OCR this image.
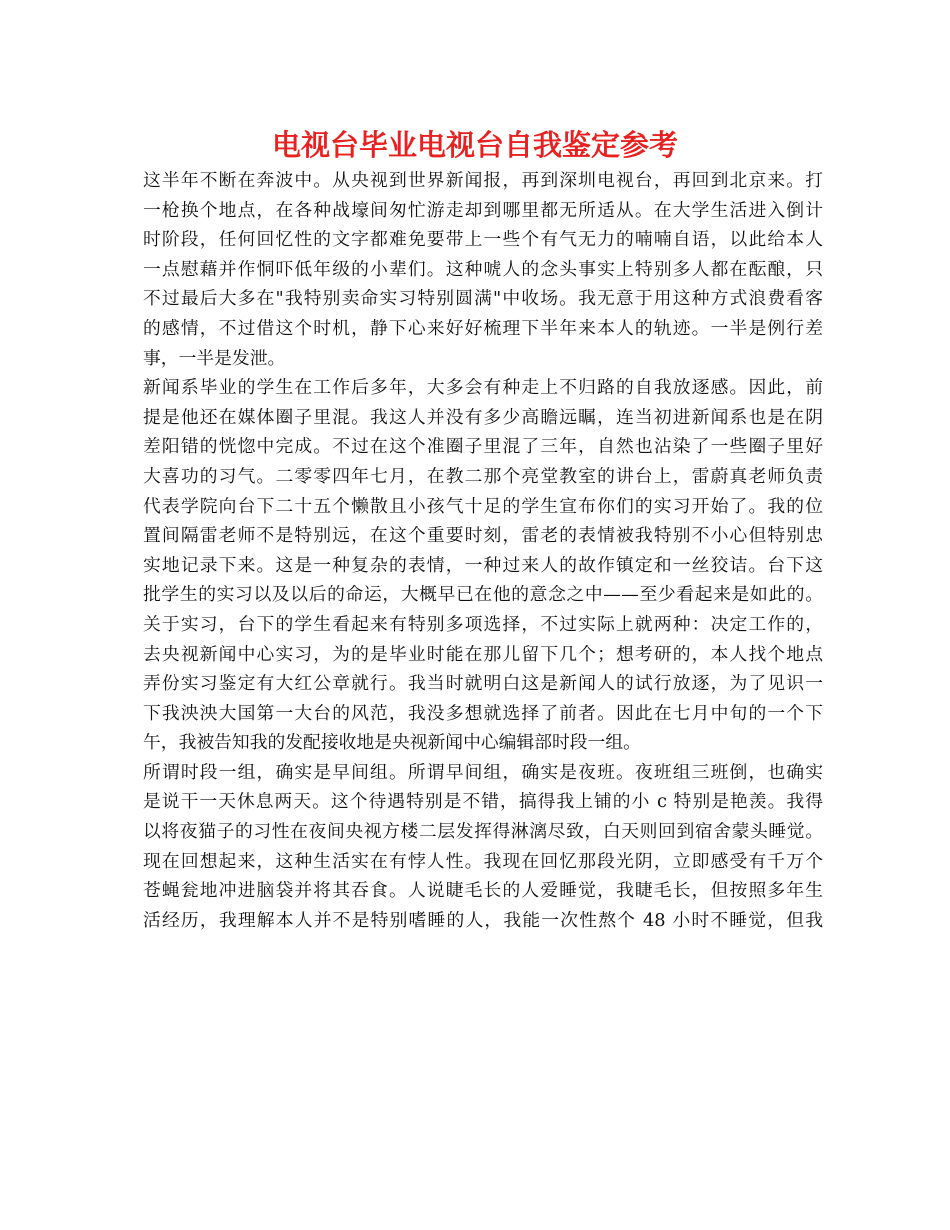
电视台毕业电视台自我鉴定参考
这半年不断在奔波中。从央视到世界新闻报，再到深圳电视台，再回到北京来。打
一枪换个地点，在各种战壕间匆忙游走却到哪里都无所适从。在大学生活进入倒计
时阶段，任何回忆性的文字都难免要带上一些个有气无力的喃喃自语，以此给本人
一点慰藉并作恫吓低年级的小辈们。这种唬人的念头事实上特别多人都在酝酿，只
不过最后大多在"我特别卖命实习特别圆满"中收场。我无意于用这种方式浪费看客
的感情，不过借这个时机，静下心来好好梳理下半年来本人的轨迹。一半是例行差
事，一半是发泄。
新闻系毕业的学生在工作后多年，大多会有种走上不归路的自我放逐感。因此，前
提是他还在媒体圈子里混。我这人并没有多少高瞻远瞩，连当初进新闻系也是在阴
差阳错的恍惚中完成。不过在这个准圈子里混了三年，自然也沾染了一些圈子里好
大喜功的习气。二零零四年七月，在教二那个亮堂教室的讲台上，雷蔚真老师负责
代表学院向台下二十五个懒散且小孩气十足的学生宣布你们的实习开始了。我的位
置间隔雷老师不是特别远，在这个重要时刻，雷老的表情被我特别不小心但特别忠
实地记录下来。这是一种复杂的表情，一种过来人的故作镇定和一丝狡诘。台下这
批学生的实习以及以后的命运，大概早已在他的意念之中——至少看起来是如此的。
关于实习，台下的学生看起来有特别多项选择，不过实际上就两种：决定工作的，
去央视新闻中心实习，为的是毕业时能在那儿留下几个；想考研的，本人找个地点
弄份实习鉴定有大红公章就行。我当时就明白这是新闻人的试行放逐，为了见识一
下我泱泱大国第一大台的风范，我没多想就选择了前者。因此在七月中旬的一个下
午，我被告知我的发配接收地是央视新闻中心编辑部时段一组。
所谓时段一组，确实是早间组。所谓早间组，确实是夜班。夜班组三班倒，也确实
是说干一天休息两天。这个待遇特别是不错，搞得我上铺的小 c 特别是艳羡。我得
以将夜猫子的习性在夜间央视方楼二层发挥得淋漓尽致，白天则回到宿舍蒙头睡觉。
现在回想起来，这种生活实在有悖人性。我现在回忆那段光阴，立即感受有千万个
苍蝇瓮地冲进脑袋并将其吞食。人说睫毛长的人爱睡觉，我睫毛长，但按照多年生
活经历，我理解本人并不是特别嗜睡的人，我能一次性熬个 48 小时不睡觉，但我
